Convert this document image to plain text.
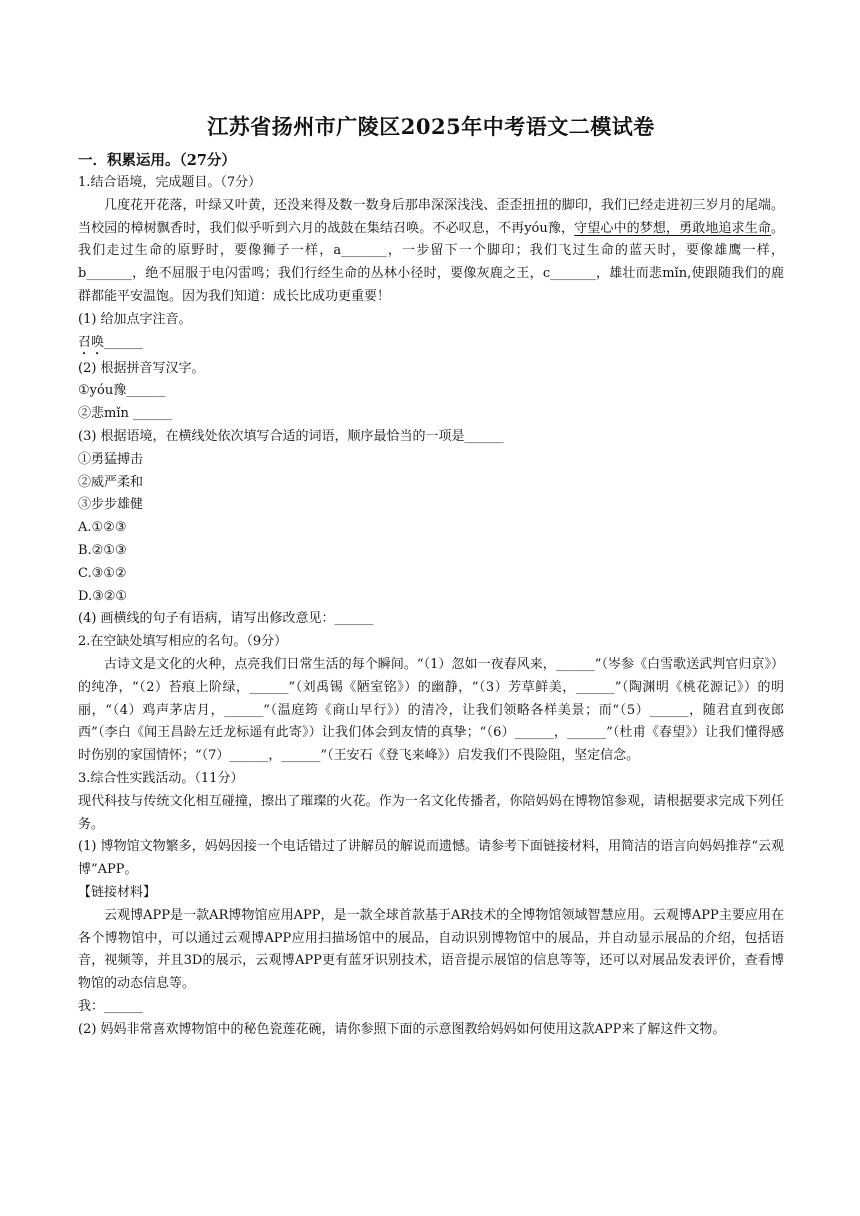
江苏省扬州市广陵区2025年中考语文二模试卷

一．积累运用。（27分）

1.结合语境，完成题目。（7分）

几度花开花落，叶绿又叶黄，还没来得及数一数身后那串深深浅浅、歪歪扭扭的脚印，我们已经走进初三岁月的尾端。当校园的樟树飘香时，我们似乎听到六月的战鼓在集结召唤。不必叹息，不再yóu豫，守望心中的梦想，勇敢地追求生命。我们走过生命的原野时，要像狮子一样，a_______，一步留下一个脚印；我们飞过生命的蓝天时，要像雄鹰一样，b_______，绝不屈服于电闪雷鸣；我们行经生命的丛林小径时，要像灰鹿之王，c_______，雄壮而悲mǐn,使跟随我们的鹿群都能平安温饱。因为我们知道：成长比成功更重要！

(1) 给加点字注音。

召唤______

(2) 根据拼音写汉字。

①yóu豫______

②悲mǐn ______

(3) 根据语境，在横线处依次填写合适的词语，顺序最恰当的一项是______

①勇猛搏击

②威严柔和

③步步雄健

A.①②③

B.②①③

C.③①②

D.③②①

(4) 画横线的句子有语病，请写出修改意见：______

2.在空缺处填写相应的名句。（9分）

古诗文是文化的火种，点亮我们日常生活的每个瞬间。“（1）忽如一夜春风来，______”（岑参《白雪歌送武判官归京》）的纯净，“（2）苔痕上阶绿，______”（刘禹锡《陋室铭》）的幽静，“（3）芳草鲜美，______”（陶渊明《桃花源记》）的明丽，“（4）鸡声茅店月，______”（温庭筠《商山早行》）的清冷，让我们领略各样美景；而“（5）______，随君直到夜郎西”（李白《闻王昌龄左迁龙标遥有此寄》）让我们体会到友情的真挚；“（6）______，______”（杜甫《春望》）让我们懂得感时伤别的家国情怀；“（7）______，______”（王安石《登飞来峰》）启发我们不畏险阻，坚定信念。

3.综合性实践活动。（11分）

现代科技与传统文化相互碰撞，擦出了璀璨的火花。作为一名文化传播者，你陪妈妈在博物馆参观，请根据要求完成下列任务。

(1) 博物馆文物繁多，妈妈因接一个电话错过了讲解员的解说而遗憾。请参考下面链接材料，用简洁的语言向妈妈推荐“云观博”APP。

【链接材料】

云观博APP是一款AR博物馆应用APP，是一款全球首款基于AR技术的全博物馆领域智慧应用。云观博APP主要应用在各个博物馆中，可以通过云观博APP应用扫描场馆中的展品，自动识别博物馆中的展品，并自动显示展品的介绍，包括语音，视频等，并且3D的展示，云观博APP更有蓝牙识别技术，语音提示展馆的信息等等，还可以对展品发表评价，查看博物馆的动态信息等。

我：______

(2) 妈妈非常喜欢博物馆中的秘色瓷莲花碗，请你参照下面的示意图教给妈妈如何使用这款APP来了解这件文物。
